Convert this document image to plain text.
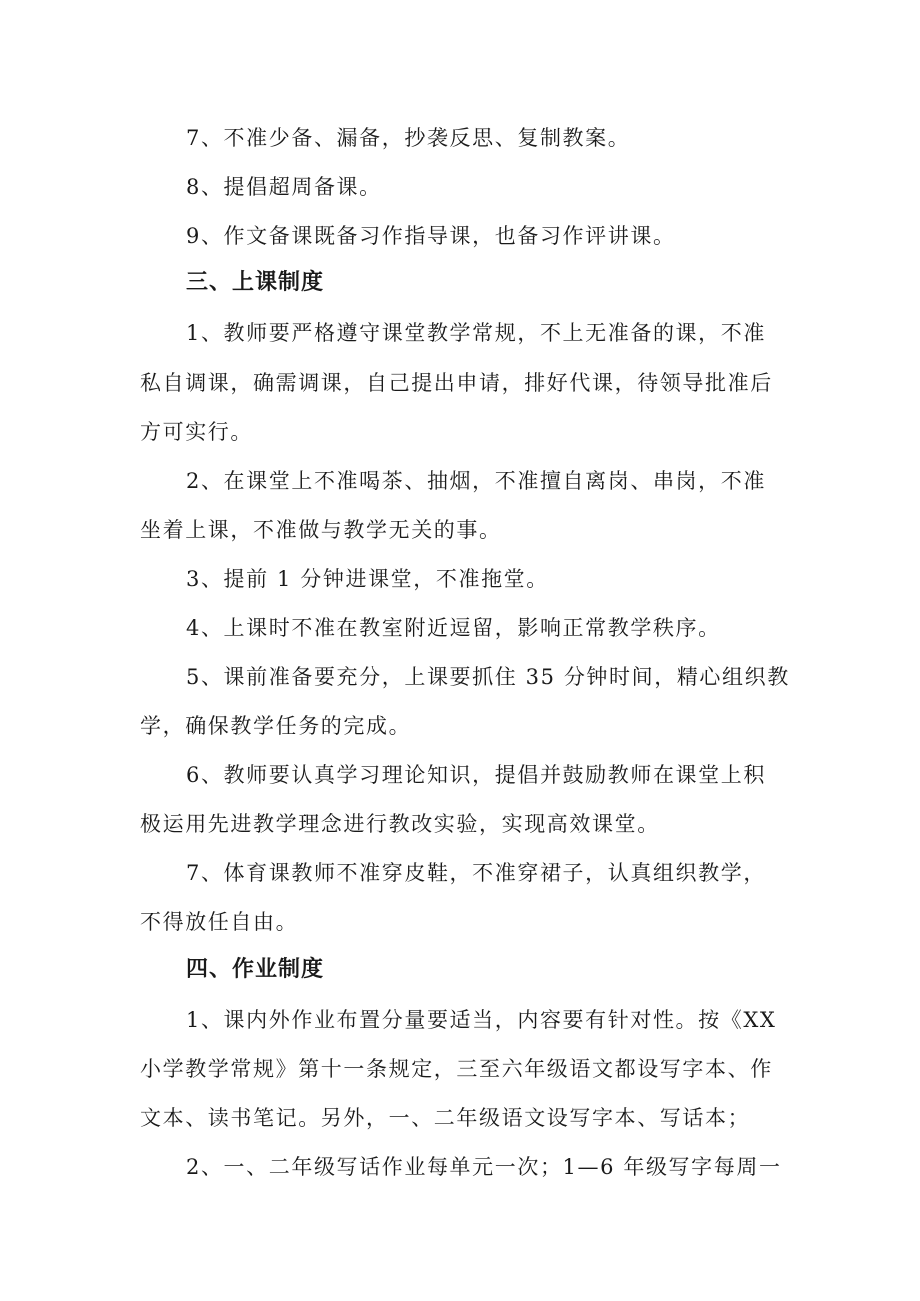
7、不准少备、漏备，抄袭反思、复制教案。
8、提倡超周备课。
9、作文备课既备习作指导课，也备习作评讲课。
三、上课制度
1、教师要严格遵守课堂教学常规，不上无准备的课，不准
私自调课，确需调课，自己提出申请，排好代课，待领导批准后
方可实行。
2、在课堂上不准喝茶、抽烟，不准擅自离岗、串岗，不准
坐着上课，不准做与教学无关的事。
3、提前 1 分钟进课堂，不准拖堂。
4、上课时不准在教室附近逗留，影响正常教学秩序。
5、课前准备要充分，上课要抓住 35 分钟时间，精心组织教
学，确保教学任务的完成。
6、教师要认真学习理论知识，提倡并鼓励教师在课堂上积
极运用先进教学理念进行教改实验，实现高效课堂。
7、体育课教师不准穿皮鞋，不准穿裙子，认真组织教学，
不得放任自由。
四、作业制度
1、课内外作业布置分量要适当，内容要有针对性。按《XX
小学教学常规》第十一条规定，三至六年级语文都设写字本、作
文本、读书笔记。另外，一、二年级语文设写字本、写话本；
2、一、二年级写话作业每单元一次；1—6 年级写字每周一
